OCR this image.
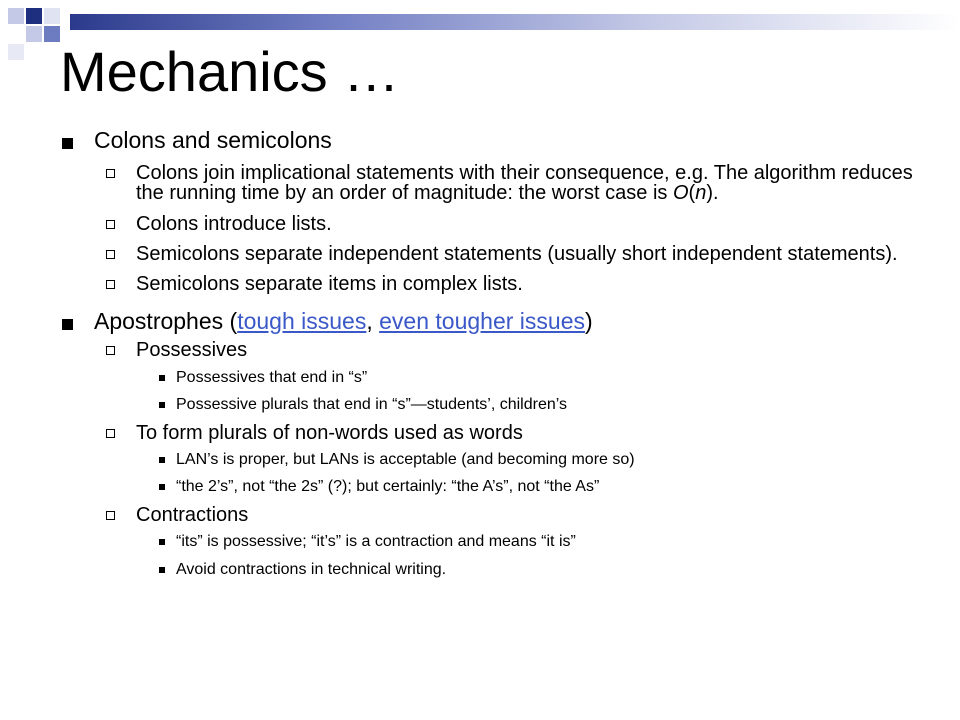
Mechanics …
Colons and semicolons
Colons join implicational statements with their consequence, e.g. The algorithm reduces the running time by an order of magnitude: the worst case is O(n).
Colons introduce lists.
Semicolons separate independent statements (usually short independent statements).
Semicolons separate items in complex lists.
Apostrophes (tough issues, even tougher issues)
Possessives
Possessives that end in “s”
Possessive plurals that end in “s”—students’, children’s
To form plurals of non-words used as words
LAN’s is proper, but LANs is acceptable (and becoming more so)
“the 2’s”, not “the 2s” (?); but certainly: “the A’s”, not “the As”
Contractions
“its” is possessive; “it’s” is a contraction and means “it is”
Avoid contractions in technical writing.
